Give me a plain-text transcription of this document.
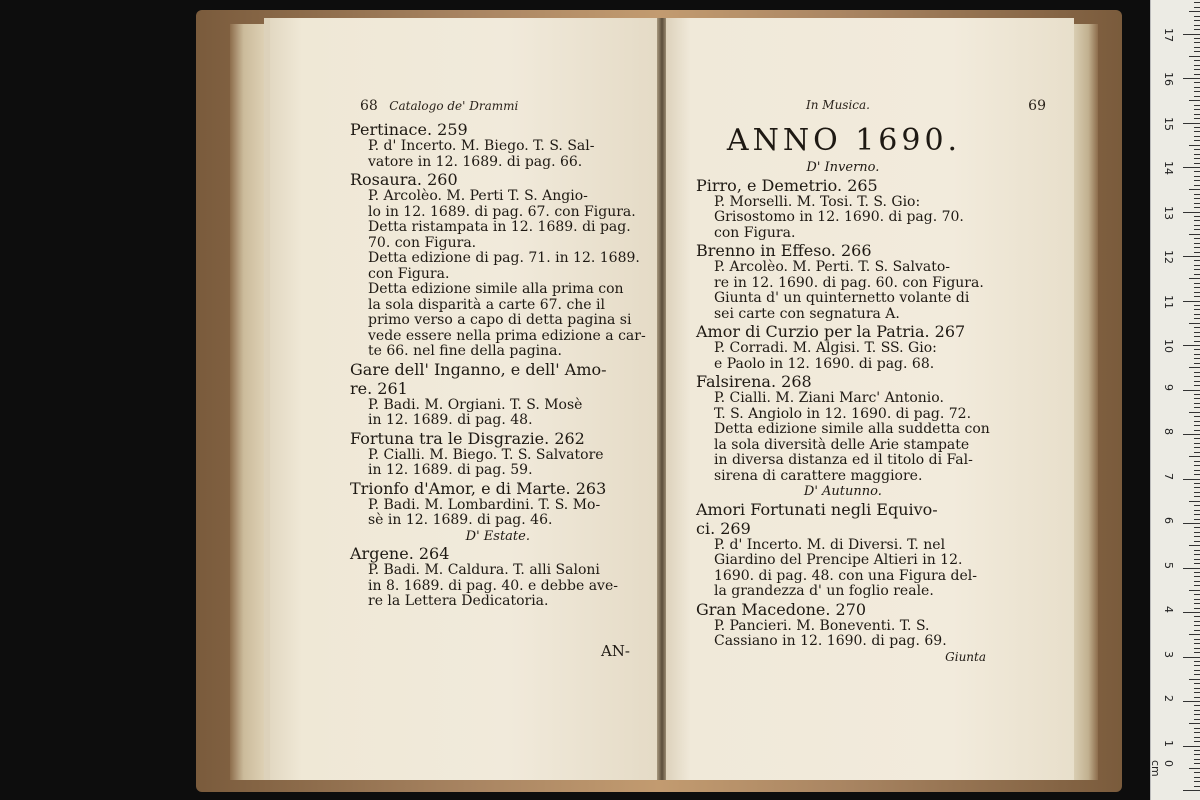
68 Catalogo de' Drammi

Pertinace. 259

P. d' Incerto. M. Biego. T. S. Sal-

vatore in 12. 1689. di pag. 66.

Rosaura. 260

P. Arcolèo. M. Perti T. S. Angio-

lo in 12. 1689. di pag. 67. con Figura.

Detta ristampata in 12. 1689. di pag.

70. con Figura.

Detta edizione di pag. 71. in 12. 1689.

con Figura.

Detta edizione simile alla prima con

la sola disparità a carte 67. che il

primo verso a capo di detta pagina si

vede essere nella prima edizione a car-

te 66. nel fine della pagina.

Gare dell' Inganno, e dell' Amo-

re. 261

P. Badi. M. Orgiani. T. S. Mosè

in 12. 1689. di pag. 48.

Fortuna tra le Disgrazie. 262

P. Cialli. M. Biego. T. S. Salvatore

in 12. 1689. di pag. 59.

Trionfo d'Amor, e di Marte. 263

P. Badi. M. Lombardini. T. S. Mo-

sè in 12. 1689. di pag. 46.

D' Estate.

Argene. 264

P. Badi. M. Caldura. T. alli Saloni

in 8. 1689. di pag. 40. e debbe ave-

re la Lettera Dedicatoria.

AN-

In Musica.	69

ANNO 1690.

D' Inverno.

Pirro, e Demetrio. 265

P. Morselli. M. Tosi. T. S. Gio:

Grisostomo in 12. 1690. di pag. 70.

con Figura.

Brenno in Effeso. 266

P. Arcolèo. M. Perti. T. S. Salvato-

re in 12. 1690. di pag. 60. con Figura.

Giunta d' un quinternetto volante di

sei carte con segnatura A.

Amor di Curzio per la Patria. 267

P. Corradi. M. Algisi. T. SS. Gio:

e Paolo in 12. 1690. di pag. 68.

Falsirena. 268

P. Cialli. M. Ziani Marc' Antonio.

T. S. Angiolo in 12. 1690. di pag. 72.

Detta edizione simile alla suddetta con

la sola diversità delle Arie stampate

in diversa distanza ed il titolo di Fal-

sirena di carattere maggiore.

D' Autunno.

Amori Fortunati negli Equivo-

ci. 269

P. d' Incerto. M. di Diversi. T. nel

Giardino del Prencipe Altieri in 12.

1690. di pag. 48. con una Figura del-

la grandezza d' un foglio reale.

Gran Macedone. 270

P. Pancieri. M. Boneventi. T. S.

Cassiano in 12. 1690. di pag. 69.

Giunta

0 cm
1
2
3
4
5
6
7
8
9
10
11
12
13
14
15
16
17
